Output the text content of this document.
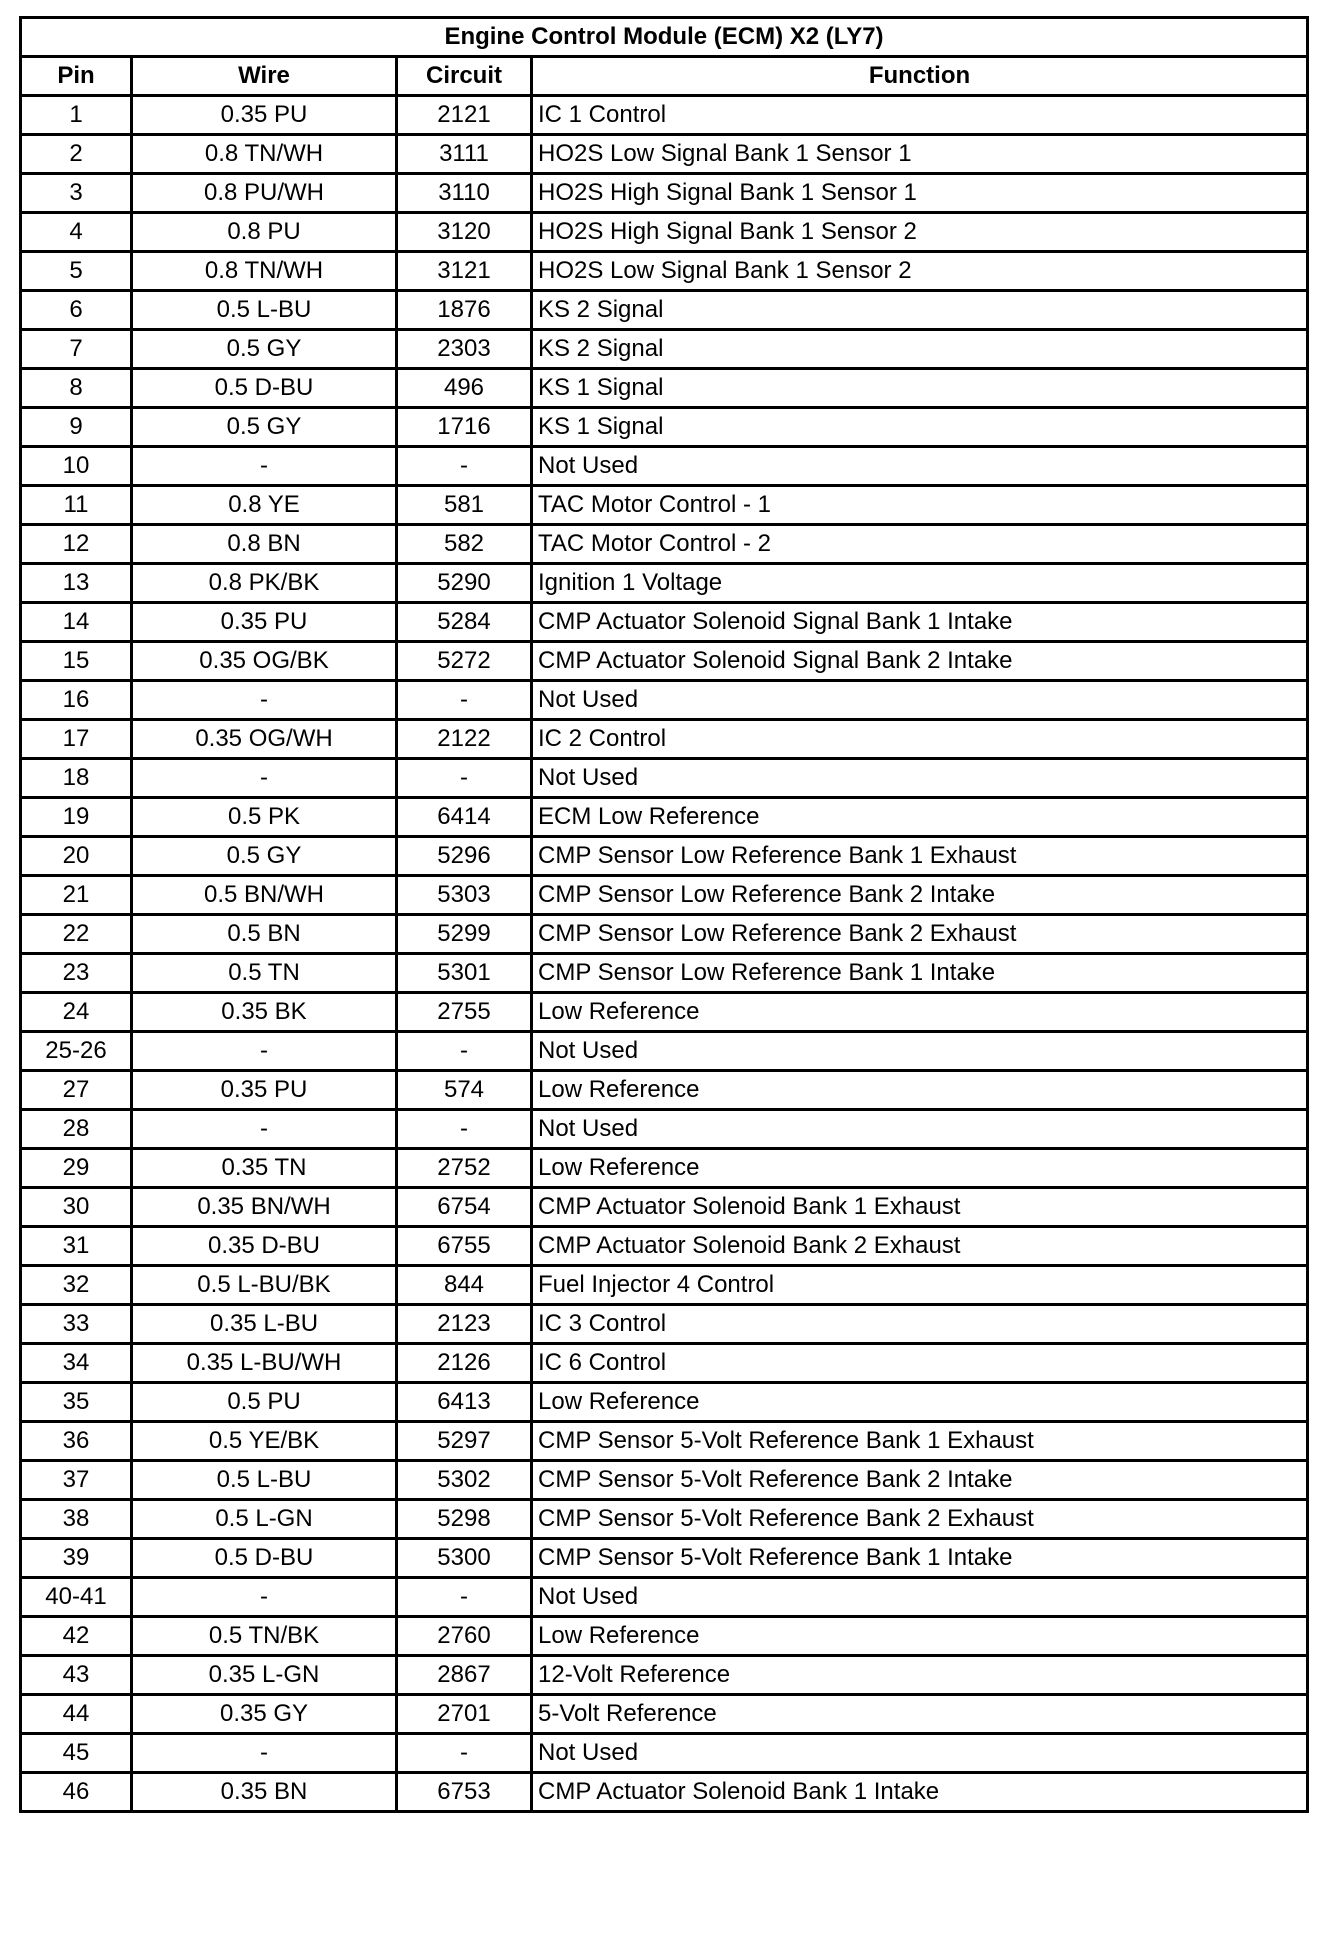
Engine Control Module (ECM) X2 (LY7)			
Pin	Wire	Circuit	Function
1	0.35 PU	2121	IC 1 Control
2	0.8 TN/WH	3111	HO2S Low Signal Bank 1 Sensor 1
3	0.8 PU/WH	3110	HO2S High Signal Bank 1 Sensor 1
4	0.8 PU	3120	HO2S High Signal Bank 1 Sensor 2
5	0.8 TN/WH	3121	HO2S Low Signal Bank 1 Sensor 2
6	0.5 L-BU	1876	KS 2 Signal
7	0.5 GY	2303	KS 2 Signal
8	0.5 D-BU	496	KS 1 Signal
9	0.5 GY	1716	KS 1 Signal
10	-	-	Not Used
11	0.8 YE	581	TAC Motor Control - 1
12	0.8 BN	582	TAC Motor Control - 2
13	0.8 PK/BK	5290	Ignition 1 Voltage
14	0.35 PU	5284	CMP Actuator Solenoid Signal Bank 1 Intake
15	0.35 OG/BK	5272	CMP Actuator Solenoid Signal Bank 2 Intake
16	-	-	Not Used
17	0.35 OG/WH	2122	IC 2 Control
18	-	-	Not Used
19	0.5 PK	6414	ECM Low Reference
20	0.5 GY	5296	CMP Sensor Low Reference Bank 1 Exhaust
21	0.5 BN/WH	5303	CMP Sensor Low Reference Bank 2 Intake
22	0.5 BN	5299	CMP Sensor Low Reference Bank 2 Exhaust
23	0.5 TN	5301	CMP Sensor Low Reference Bank 1 Intake
24	0.35 BK	2755	Low Reference
25-26	-	-	Not Used
27	0.35 PU	574	Low Reference
28	-	-	Not Used
29	0.35 TN	2752	Low Reference
30	0.35 BN/WH	6754	CMP Actuator Solenoid Bank 1 Exhaust
31	0.35 D-BU	6755	CMP Actuator Solenoid Bank 2 Exhaust
32	0.5 L-BU/BK	844	Fuel Injector 4 Control
33	0.35 L-BU	2123	IC 3 Control
34	0.35 L-BU/WH	2126	IC 6 Control
35	0.5 PU	6413	Low Reference
36	0.5 YE/BK	5297	CMP Sensor 5-Volt Reference Bank 1 Exhaust
37	0.5 L-BU	5302	CMP Sensor 5-Volt Reference Bank 2 Intake
38	0.5 L-GN	5298	CMP Sensor 5-Volt Reference Bank 2 Exhaust
39	0.5 D-BU	5300	CMP Sensor 5-Volt Reference Bank 1 Intake
40-41	-	-	Not Used
42	0.5 TN/BK	2760	Low Reference
43	0.35 L-GN	2867	12-Volt Reference
44	0.35 GY	2701	5-Volt Reference
45	-	-	Not Used
46	0.35 BN	6753	CMP Actuator Solenoid Bank 1 Intake
